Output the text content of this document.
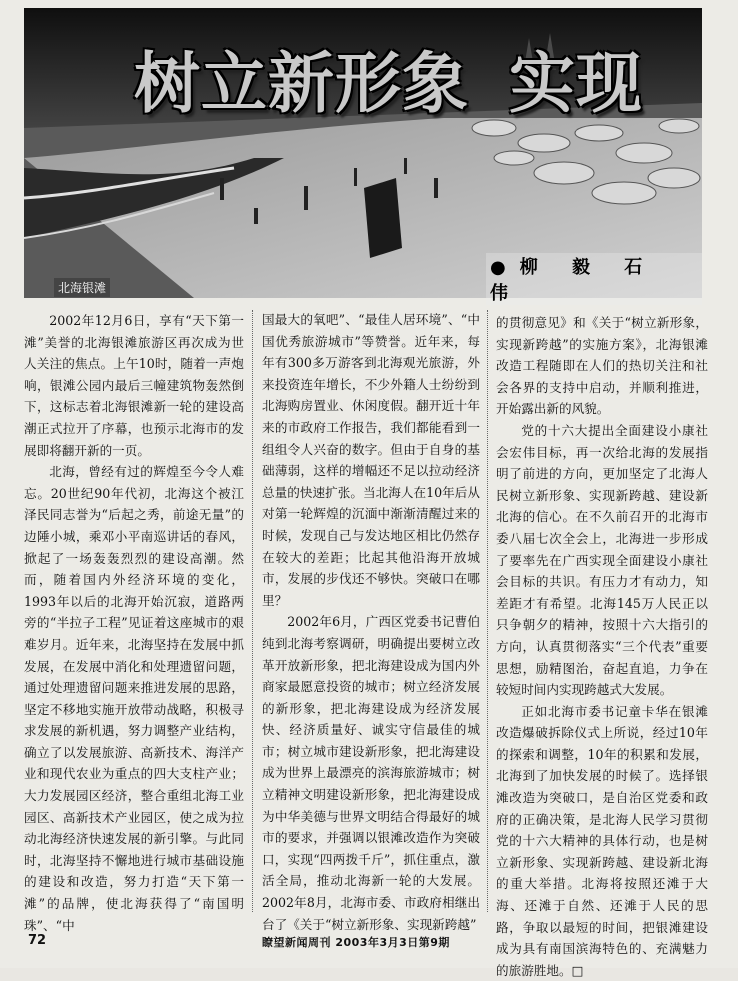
树立新形象 实现
●柳 毅 石 伟
北海银滩

2002年12月6日，享有“天下第一滩”美誉的北海银滩旅游区再次成为世人关注的焦点。上午10时，随着一声炮响，银滩公园内最后三幢建筑物轰然倒下，这标志着北海银滩新一轮的建设高潮正式拉开了序幕，也预示北海市的发展即将翻开新的一页。

北海，曾经有过的辉煌至今令人难忘。20世纪90年代初，北海这个被江泽民同志誉为“后起之秀，前途无量”的边陲小城，乘邓小平南巡讲话的春风，掀起了一场轰轰烈烈的建设高潮。然而，随着国内外经济环境的变化，1993年以后的北海开始沉寂，道路两旁的“半拉子工程”见证着这座城市的艰难岁月。近年来，北海坚持在发展中抓发展，在发展中消化和处理遗留问题，通过处理遗留问题来推进发展的思路，坚定不移地实施开放带动战略，积极寻求发展的新机遇，努力调整产业结构，确立了以发展旅游、高新技术、海洋产业和现代农业为重点的四大支柱产业；大力发展园区经济，整合重组北海工业园区、高新技术产业园区，使之成为拉动北海经济快速发展的新引擎。与此同时，北海坚持不懈地进行城市基础设施的建设和改造，努力打造“天下第一滩”的品牌，使北海获得了“南国明珠”、“中

国最大的氧吧”、“最佳人居环境”、“中国优秀旅游城市”等赞誉。近年来，每年有300多万游客到北海观光旅游，外来投资连年增长，不少外籍人士纷纷到北海购房置业、休闲度假。翻开近十年来的市政府工作报告，我们都能看到一组组令人兴奋的数字。但由于自身的基础薄弱，这样的增幅还不足以拉动经济总量的快速扩张。当北海人在10年后从对第一轮辉煌的沉湎中渐渐清醒过来的时候，发现自己与发达地区相比仍然存在较大的差距；比起其他沿海开放城市，发展的步伐还不够快。突破口在哪里？

2002年6月，广西区党委书记曹伯纯到北海考察调研，明确提出要树立改革开放新形象，把北海建设成为国内外商家最愿意投资的城市；树立经济发展的新形象，把北海建设成为经济发展快、经济质量好、诚实守信最佳的城市；树立城市建设新形象，把北海建设成为世界上最漂亮的滨海旅游城市；树立精神文明建设新形象，把北海建设成为中华美德与世界文明结合得最好的城市的要求，并强调以银滩改造作为突破口，实现“四两拨千斤”，抓住重点，激活全局，推动北海新一轮的大发展。2002年8月，北海市委、市政府相继出台了《关于“树立新形象、实现新跨越”

的贯彻意见》和《关于“树立新形象，实现新跨越”的实施方案》，北海银滩改造工程随即在人们的热切关注和社会各界的支持中启动，并顺利推进，开始露出新的风貌。

党的十六大提出全面建设小康社会宏伟目标，再一次给北海的发展指明了前进的方向，更加坚定了北海人民树立新形象、实现新跨越、建设新北海的信心。在不久前召开的北海市委八届七次全会上，北海进一步形成了要率先在广西实现全面建设小康社会目标的共识。有压力才有动力，知差距才有希望。北海145万人民正以只争朝夕的精神，按照十六大指引的方向，认真贯彻落实“三个代表”重要思想，励精图治，奋起直追，力争在较短时间内实现跨越式大发展。

正如北海市委书记童卡华在银滩改造爆破拆除仪式上所说，经过10年的探索和调整，10年的积累和发展，北海到了加快发展的时候了。选择银滩改造为突破口，是自治区党委和政府的正确决策，是北海人民学习贯彻党的十六大精神的具体行动，也是树立新形象、实现新跨越、建设新北海的重大举措。北海将按照还滩于大海、还滩于自然、还滩于人民的思路，争取以最短的时间，把银滩建设成为具有南国滨海特色的、充满魅力的旅游胜地。□

72	瞭望新闻周刊 2003年3月3日第9期
